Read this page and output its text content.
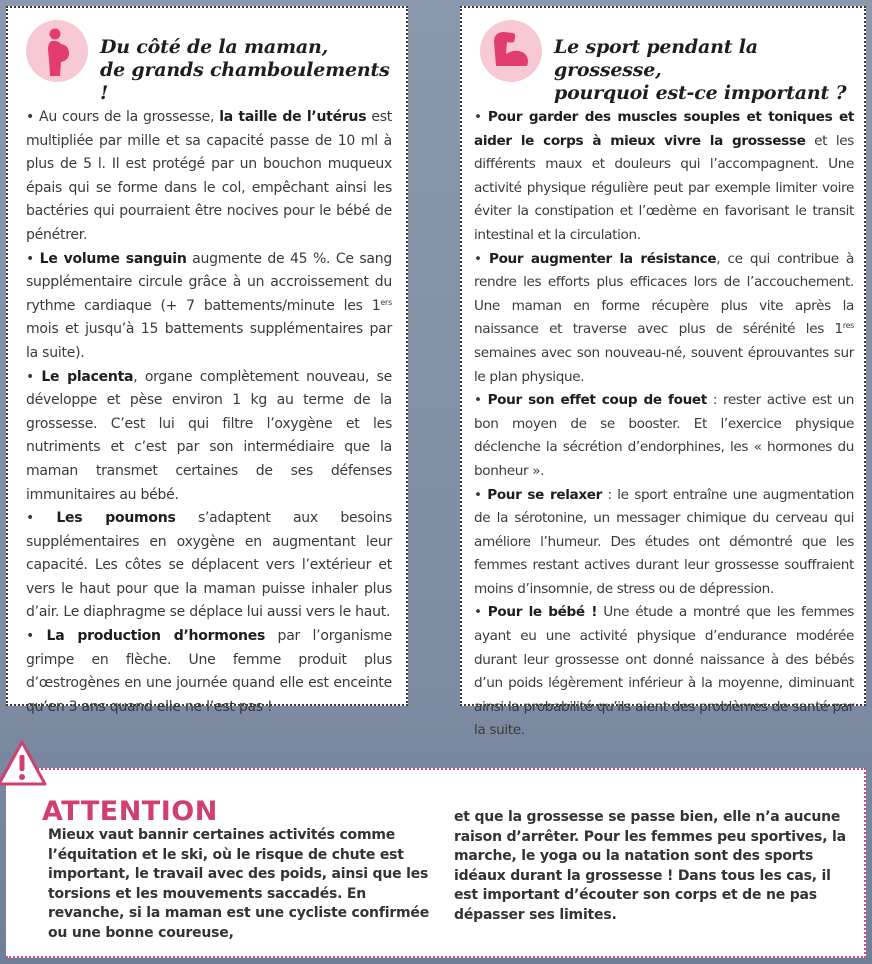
Du côté de la maman,
de grands chamboulements !

• Au cours de la grossesse, la taille de l’utérus est multipliée par mille et sa capacité passe de 10 ml à plus de 5 l. Il est protégé par un bouchon muqueux épais qui se forme dans le col, empêchant ainsi les bactéries qui pourraient être nocives pour le bébé de pénétrer.

• Le volume sanguin augmente de 45 %. Ce sang supplémentaire circule grâce à un accroissement du rythme cardiaque (+ 7 battements/minute les 1ers mois et jusqu’à 15 battements supplémentaires par la suite).

• Le placenta, organe complètement nouveau, se développe et pèse environ 1 kg au terme de la grossesse. C’est lui qui filtre l’oxygène et les nutriments et c’est par son intermédiaire que la maman transmet certaines de ses défenses immunitaires au bébé.

• Les poumons s’adaptent aux besoins supplémentaires en oxygène en augmentant leur capacité. Les côtes se déplacent vers l’extérieur et vers le haut pour que la maman puisse inhaler plus d’air. Le diaphragme se déplace lui aussi vers le haut.

• La production d’hormones par l’organisme grimpe en flèche. Une femme produit plus d’œstrogènes en une journée quand elle est enceinte qu’en 3 ans quand elle ne l’est pas !

Le sport pendant la grossesse,
pourquoi est-ce important ?

• Pour garder des muscles souples et toniques et aider le corps à mieux vivre la grossesse et les différents maux et douleurs qui l’accompagnent. Une activité physique régulière peut par exemple limiter voire éviter la constipation et l’œdème en favorisant le transit intestinal et la circulation.

• Pour augmenter la résistance, ce qui contribue à rendre les efforts plus efficaces lors de l’accouchement. Une maman en forme récupère plus vite après la naissance et traverse avec plus de sérénité les 1res semaines avec son nouveau-né, souvent éprouvantes sur le plan physique.

• Pour son effet coup de fouet : rester active est un bon moyen de se booster. Et l’exercice physique déclenche la sécrétion d’endorphines, les « hormones du bonheur ».

• Pour se relaxer : le sport entraîne une augmentation de la sérotonine, un messager chimique du cerveau qui améliore l’humeur. Des études ont démontré que les femmes restant actives durant leur grossesse souffraient moins d’insomnie, de stress ou de dépression.

• Pour le bébé ! Une étude a montré que les femmes ayant eu une activité physique d’endurance modérée durant leur grossesse ont donné naissance à des bébés d’un poids légèrement inférieur à la moyenne, diminuant ainsi la probabilité qu’ils aient des problèmes de santé par la suite.

ATTENTION
Mieux vaut bannir certaines activités comme l’équitation et le ski, où le risque de chute est important, le travail avec des poids, ainsi que les torsions et les mouvements saccadés. En revanche, si la maman est une cycliste confirmée ou une bonne coureuse,
et que la grossesse se passe bien, elle n’a aucune raison d’arrêter. Pour les femmes peu sportives, la marche, le yoga ou la natation sont des sports idéaux durant la grossesse ! Dans tous les cas, il est important d’écouter son corps et de ne pas dépasser ses limites.
